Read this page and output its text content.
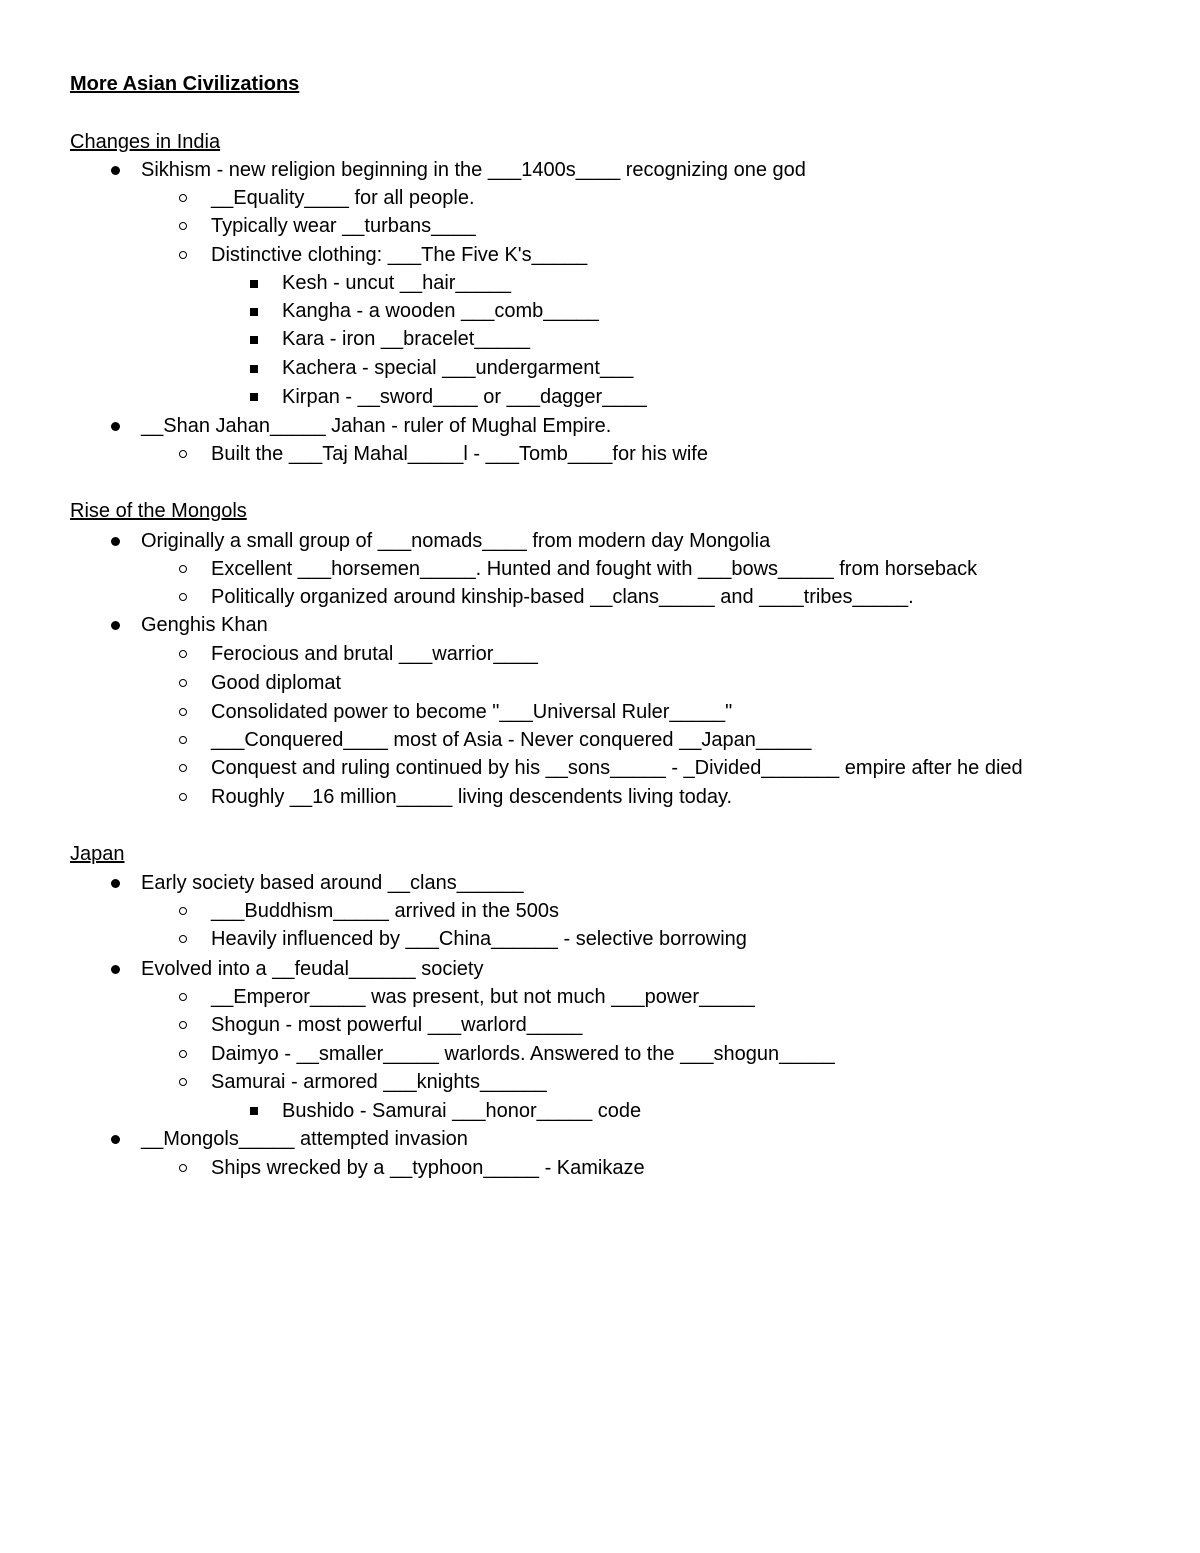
More Asian Civilizations
Changes in India
Sikhism - new religion beginning in the ___1400s____ recognizing one god
__Equality____ for all people.
Typically wear __turbans____
Distinctive clothing: ___The Five K's_____
Kesh - uncut __hair_____
Kangha - a wooden ___comb_____
Kara - iron __bracelet_____
Kachera - special ___undergarment___
Kirpan - __sword____ or ___dagger____
__Shan Jahan_____ Jahan - ruler of Mughal Empire.
Built the ___Taj Mahal_____l - ___Tomb____for his wife
Rise of the Mongols
Originally a small group of ___nomads____ from modern day Mongolia
Excellent ___horsemen_____. Hunted and fought with ___bows_____ from horseback
Politically organized around kinship-based __clans_____ and ____tribes_____.
Genghis Khan
Ferocious and brutal ___warrior____
Good diplomat
Consolidated power to become "___Universal Ruler_____"
___Conquered____ most of Asia - Never conquered __Japan_____
Conquest and ruling continued by his __sons_____ - _Divided_______ empire after he died
Roughly __16 million_____ living descendents living today.
Japan
Early society based around __clans______
___Buddhism_____ arrived in the 500s
Heavily influenced by ___China______ - selective borrowing
Evolved into a __feudal______ society
__Emperor_____ was present, but not much ___power_____
Shogun - most powerful ___warlord_____
Daimyo - __smaller_____ warlords. Answered to the ___shogun_____
Samurai - armored ___knights______
Bushido - Samurai ___honor_____ code
__Mongols_____ attempted invasion
Ships wrecked by a __typhoon_____ - Kamikaze
